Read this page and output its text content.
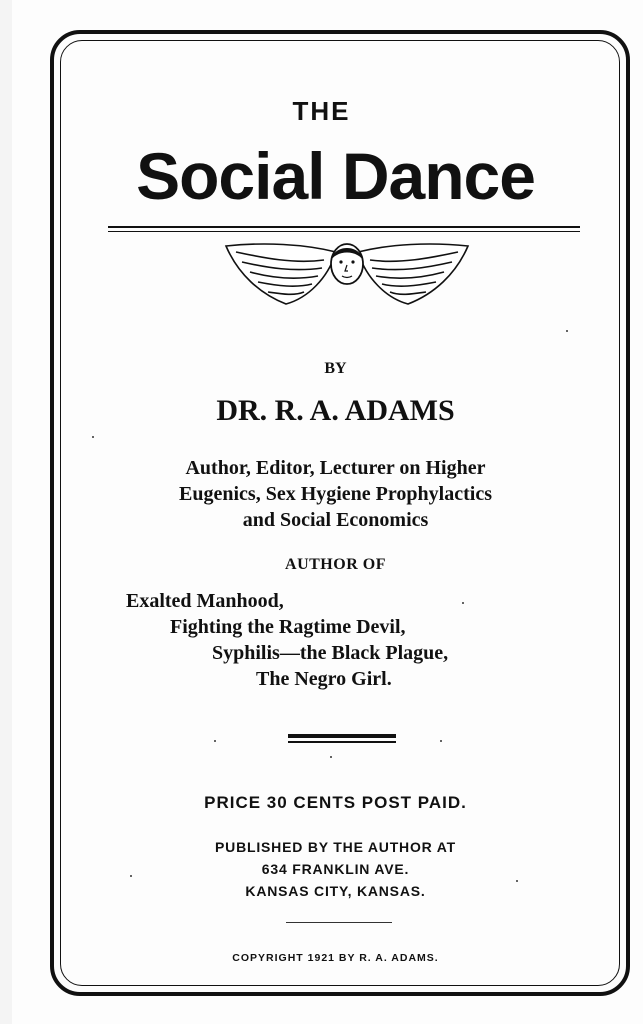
THE

Social Dance

BY

DR. R. A. ADAMS

Author, Editor, Lecturer on Higher
Eugenics, Sex Hygiene Prophylactics
and Social Economics

AUTHOR OF

Exalted Manhood,

Fighting the Ragtime Devil,

Syphilis—the Black Plague,

The Negro Girl.

PRICE 30 CENTS POST PAID.

PUBLISHED BY THE AUTHOR AT
634 FRANKLIN AVE.
KANSAS CITY, KANSAS.

COPYRIGHT 1921 BY R. A. ADAMS.
